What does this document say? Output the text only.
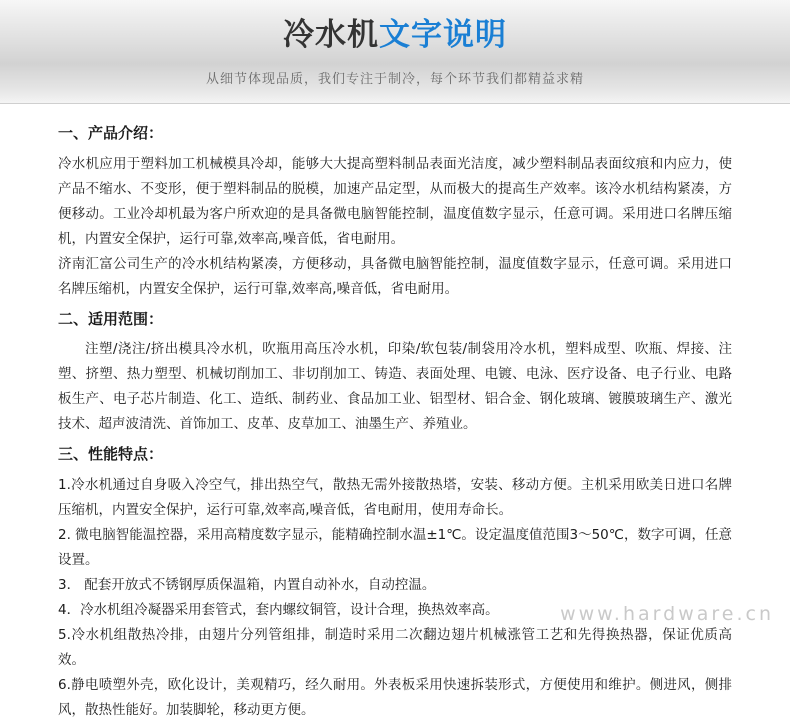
冷水机文字说明

从细节体现品质，我们专注于制冷，每个环节我们都精益求精

一、产品介绍：

冷水机应用于塑料加工机械模具冷却，能够大大提高塑料制品表面光洁度，减少塑料制品表面纹痕和内应力，使产品不缩水、不变形，便于塑料制品的脱模，加速产品定型，从而极大的提高生产效率。该冷水机结构紧凑，方便移动。工业冷却机最为客户所欢迎的是具备微电脑智能控制，温度值数字显示，任意可调。采用进口名牌压缩机，内置安全保护，运行可靠,效率高,噪音低，省电耐用。

济南汇富公司生产的冷水机结构紧凑，方便移动，具备微电脑智能控制，温度值数字显示，任意可调。采用进口名牌压缩机，内置安全保护，运行可靠,效率高,噪音低，省电耐用。

二、适用范围：

注塑/浇注/挤出模具冷水机，吹瓶用高压冷水机，印染/软包装/制袋用冷水机，塑料成型、吹瓶、焊接、注塑、挤塑、热力塑型、机械切削加工、非切削加工、铸造、表面处理、电镀、电泳、医疗设备、电子行业、电路板生产、电子芯片制造、化工、造纸、制药业、食品加工业、铝型材、铝合金、钢化玻璃、镀膜玻璃生产、激光技术、超声波清洗、首饰加工、皮革、皮草加工、油墨生产、养殖业。

三、性能特点：

1.冷水机通过自身吸入冷空气，排出热空气，散热无需外接散热塔，安装、移动方便。主机采用欧美日进口名牌压缩机，内置安全保护，运行可靠,效率高,噪音低，省电耐用，使用寿命长。

2. 微电脑智能温控器，采用高精度数字显示，能精确控制水温±1℃。设定温度值范围3～50℃，数字可调，任意设置。

3． 配套开放式不锈钢厚质保温箱，内置自动补水，自动控温。

4．冷水机组冷凝器采用套管式，套内螺纹铜管，设计合理，换热效率高。

5.冷水机组散热冷排，由翅片分列管组排，制造时采用二次翻边翅片机械涨管工艺和先得换热器，保证优质高效。

6.静电喷塑外壳，欧化设计，美观精巧，经久耐用。外表板采用快速拆装形式，方便使用和维护。侧进风，侧排风，散热性能好。加装脚轮，移动更方便。

www.hardware.cn
